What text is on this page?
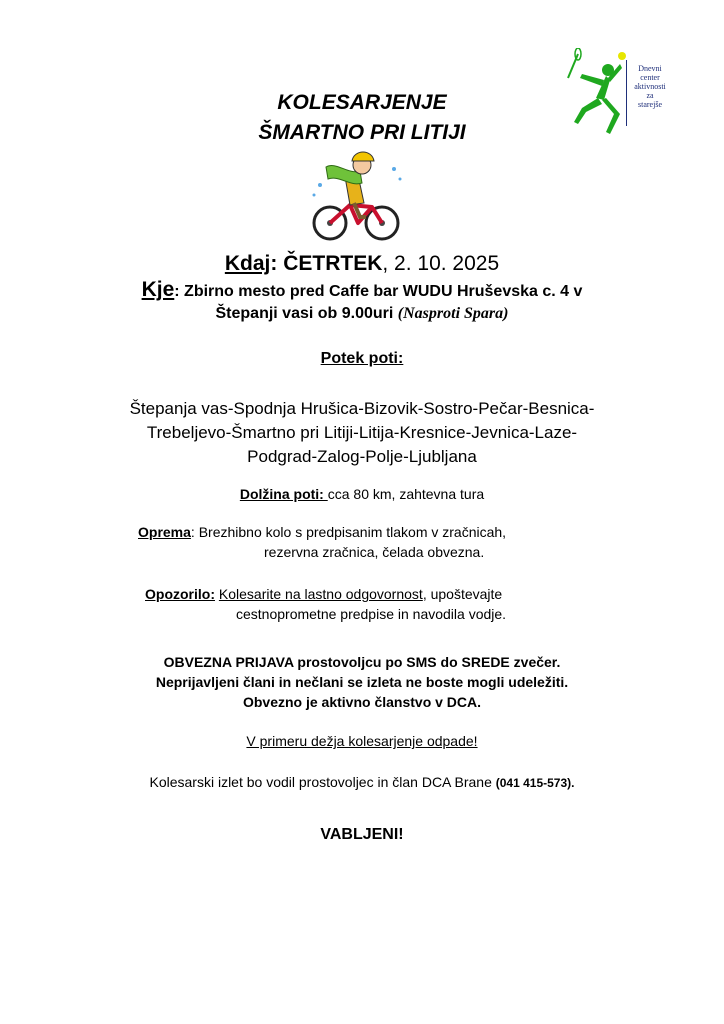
Dnevni
center
aktivnosti
za
starejše
KOLESARJENJE
ŠMARTNO PRI LITIJI
Kdaj: ČETRTEK, 2. 10. 2025
Kje: Zbirno mesto pred Caffe bar WUDU Hruševska c. 4 v
Štepanji vasi ob 9.00uri (Nasproti Spara)
Potek poti:
Štepanja vas-Spodnja Hrušica-Bizovik-Sostro-Pečar-Besnica-
Trebeljevo-Šmartno pri Litiji-Litija-Kresnice-Jevnica-Laze-
Podgrad-Zalog-Polje-Ljubljana
Dolžina poti: cca 80 km, zahtevna tura
Oprema: Brezhibno kolo s predpisanim tlakom v zračnicah,
rezervna zračnica, čelada obvezna.
Opozorilo: Kolesarite na lastno odgovornost, upoštevajte
cestnoprometne predpise in navodila vodje.
OBVEZNA PRIJAVA prostovoljcu po SMS do SREDE zvečer.
Neprijavljeni člani in nečlani se izleta ne boste mogli udeležiti.
Obvezno je aktivno članstvo v DCA.
V primeru dežja kolesarjenje odpade!
Kolesarski izlet bo vodil prostovoljec in član DCA Brane (041 415-573).
VABLJENI!
